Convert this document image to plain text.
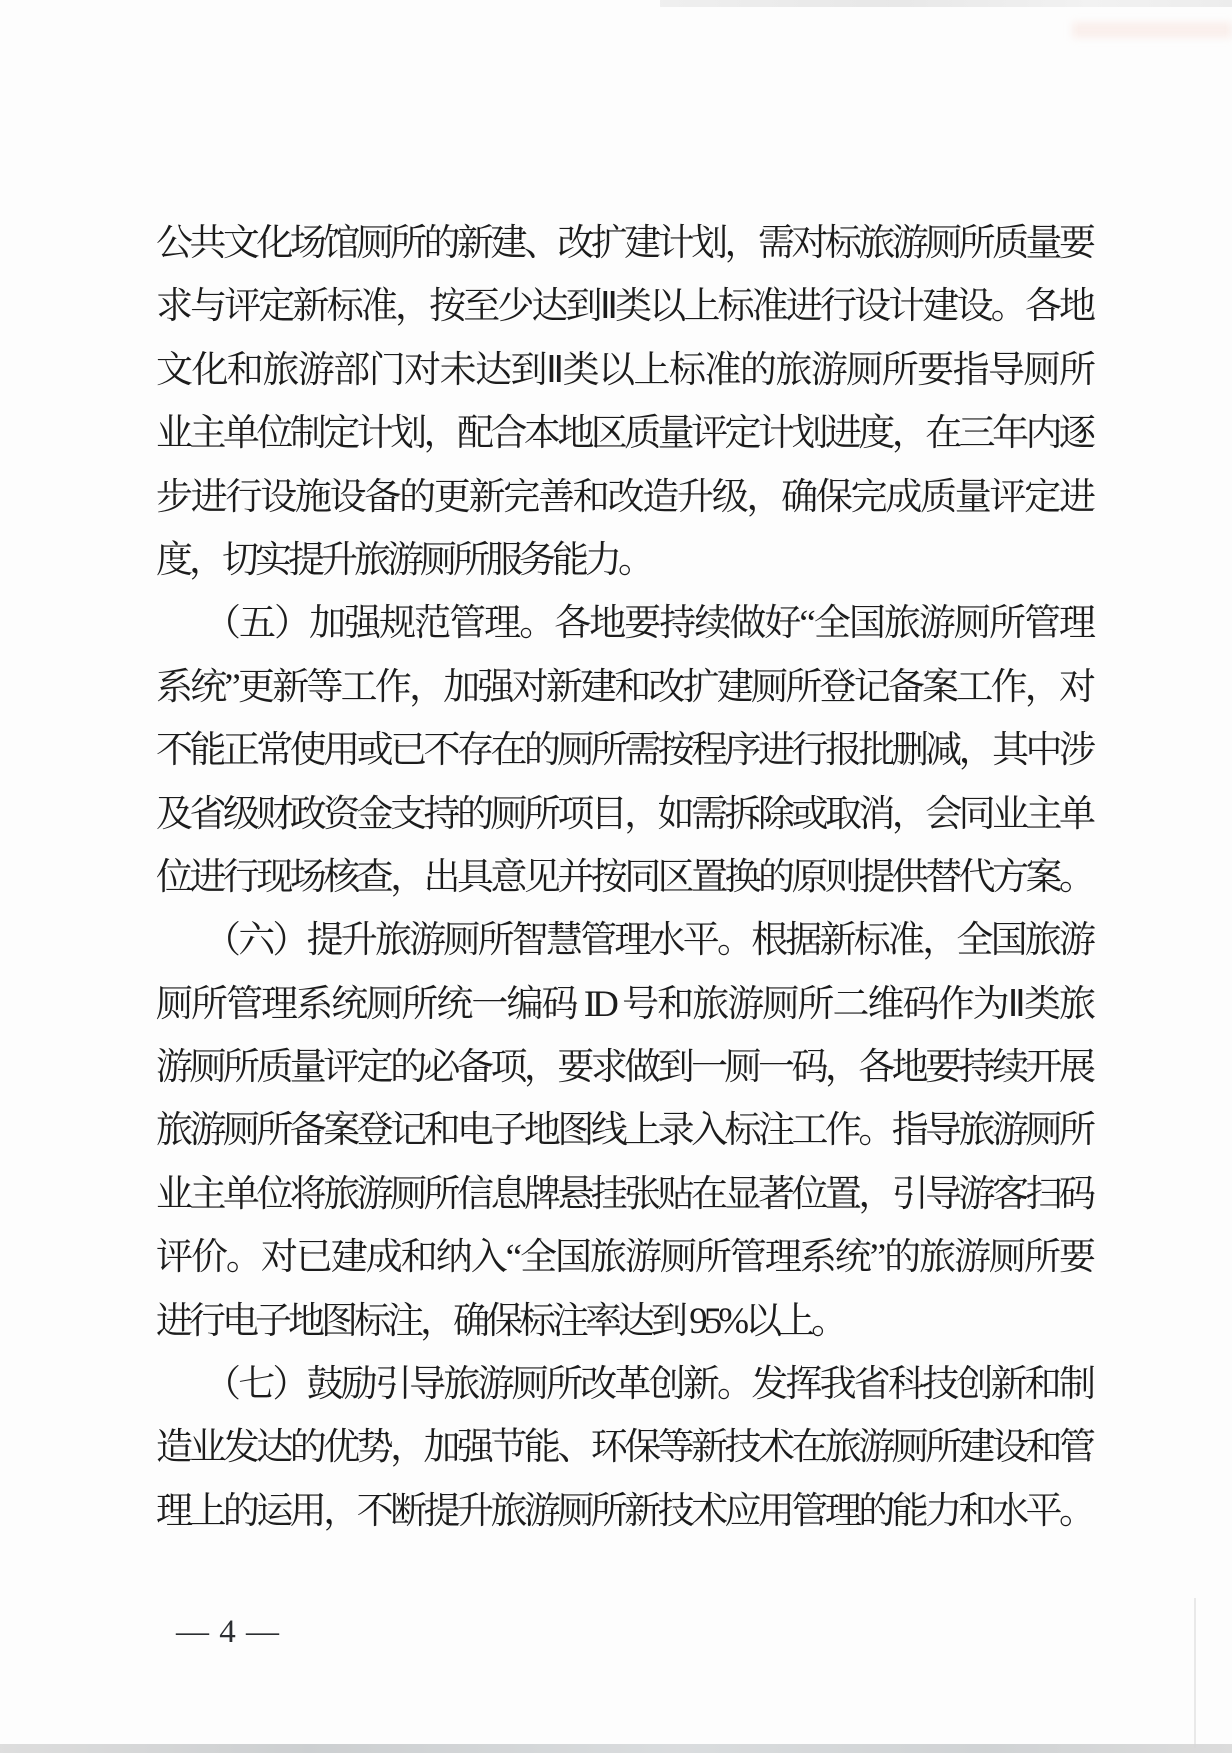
公共文化场馆厕所的新建、改扩建计划，需对标旅游厕所质量要
求与评定新标准，按至少达到Ⅱ类以上标准进行设计建设。各地
文化和旅游部门对未达到Ⅱ类以上标准的旅游厕所要指导厕所
业主单位制定计划，配合本地区质量评定计划进度，在三年内逐
步进行设施设备的更新完善和改造升级，确保完成质量评定进
度，切实提升旅游厕所服务能力。
（五）加强规范管理。各地要持续做好“全国旅游厕所管理
系统”更新等工作，加强对新建和改扩建厕所登记备案工作，对
不能正常使用或已不存在的厕所需按程序进行报批删减，其中涉
及省级财政资金支持的厕所项目，如需拆除或取消，会同业主单
位进行现场核查，出具意见并按同区置换的原则提供替代方案。
（六）提升旅游厕所智慧管理水平。根据新标准，全国旅游
厕所管理系统厕所统一编码 ID 号和旅游厕所二维码作为Ⅱ类旅
游厕所质量评定的必备项，要求做到一厕一码，各地要持续开展
旅游厕所备案登记和电子地图线上录入标注工作。指导旅游厕所
业主单位将旅游厕所信息牌悬挂张贴在显著位置，引导游客扫码
评价。对已建成和纳入“全国旅游厕所管理系统”的旅游厕所要
进行电子地图标注，确保标注率达到 95%以上。
（七）鼓励引导旅游厕所改革创新。发挥我省科技创新和制
造业发达的优势，加强节能、环保等新技术在旅游厕所建设和管
理上的运用，不断提升旅游厕所新技术应用管理的能力和水平。
— 4 —
